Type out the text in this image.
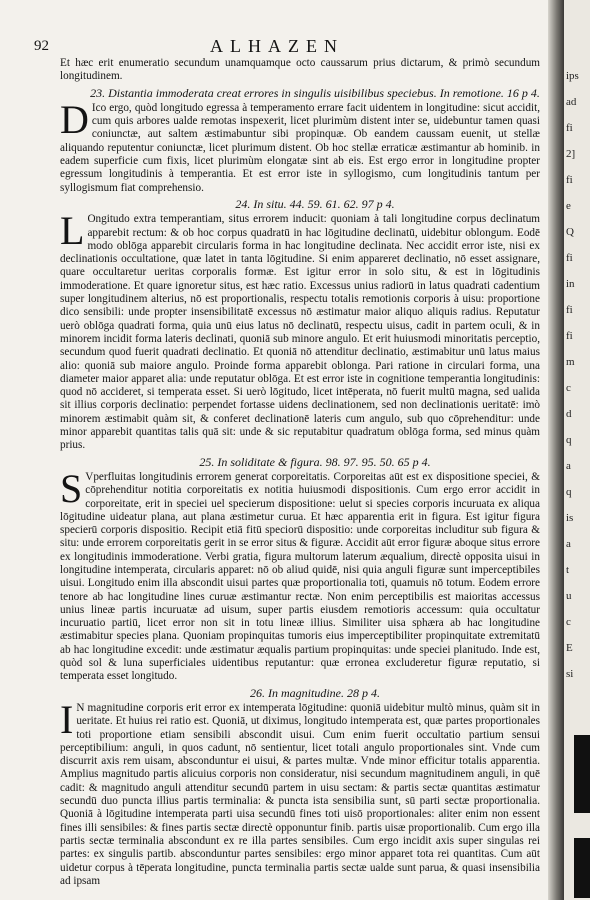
92	ALHAZEN

Et hæc erit enumeratio secundum unamquamque octo caussarum prius dictarum, & primò secundum longitudinem.

23. Distantia immoderata creat errores in singulis uisibilibus speciebus. In remotione. 16 p 4.

D Ico ergo, quòd longitudo egressa à temperamento errare facit uidentem in longitudine: sicut accidit, cum quis arbores ualde remotas inspexerit, licet plurimùm distent inter se, uidebuntur tamen quasi coniunctæ, aut saltem æstimabuntur sibi propinquæ. Ob eandem caussam euenit, ut stellæ aliquando reputentur coniunctæ, licet plurimum distent. Ob hoc stellæ erraticæ æstimantur ab hominib. in eadem superficie cum fixis, licet plurimùm elongatæ sint ab eis. Est ergo error in longitudine propter egressum longitudinis à temperantia. Et est error iste in syllogismo, cum longitudinis tantum per syllogismum fiat comprehensio.

24. In situ. 44. 59. 61. 62. 97 p 4.

L Ongitudo extra temperantiam, situs errorem inducit: quoniam à tali longitudine corpus declinatum apparebit rectum: & ob hoc corpus quadratū in hac lōgitudine declinatū, uidebitur oblongum. Eodē modo oblōga apparebit circularis forma in hac longitudine declinata. Nec accidit error iste, nisi ex declinationis occultatione, quæ latet in tanta lōgitudine. Si enim appareret declinatio, nō esset assignare, quare occultaretur ueritas corporalis formæ. Est igitur error in solo situ, & est in lōgitudinis immoderatione. Et quare ignoretur situs, est hæc ratio. Excessus unius radiorū in latus quadrati cadentium super longitudinem alterius, nō est proportionalis, respectu totalis remotionis corporis à uisu: proportione dico sensibili: unde propter insensibilitatē excessus nō æstimatur maior aliquo aliquis radius. Reputatur uerò oblōga quadrati forma, quia unū eius latus nō declinatū, respectu uisus, cadit in partem oculi, & in minorem incidit forma lateris declinati, quoniā sub minore angulo. Et erit huiusmodi minoritatis perceptio, secundum quod fuerit quadrati declinatio. Et quoniā nō attenditur declinatio, æstimabitur unū latus maius alio: quoniā sub maiore angulo. Proinde forma apparebit oblonga. Pari ratione in circulari forma, una diameter maior apparet alia: unde reputatur oblōga. Et est error iste in cognitione temperantia longitudinis: quod nō accideret, si temperata esset. Si uerò lōgitudo, licet intēperata, nō fuerit multū magna, sed ualida sit illius corporis declinatio: perpendet fortasse uidens declinationem, sed non declinationis ueritatē: imò minorem æstimabit quàm sit, & conferet declinationē lateris cum angulo, sub quo cōprehenditur: unde minor apparebit quantitas talis quā sit: unde & sic reputabitur quadratum oblōga forma, sed minus quàm prius.

25. In soliditate & figura. 98. 97. 95. 50. 65 p 4.

S Vperfluitas longitudinis errorem generat corporeitatis. Corporeitas aūt est ex dispositione speciei, & cōprehenditur notitia corporeitatis ex notitia huiusmodi dispositionis. Cum ergo error accidit in corporeitate, erit in speciei uel specierum dispositione: uelut si species corporis incuruata ex aliqua lōgitudine uideatur plana, aut plana æstimetur curua. Et hæc apparentia erit in figura. Est igitur figura specierū corporis dispositio. Recipit etiā fitū speciorū dispositio: unde corporeitas includitur sub figura & situ: unde errorem corporeitatis gerit in se error situs & figuræ. Accidit aūt error figuræ aboque situs errore ex longitudinis immoderatione. Verbi gratia, figura multorum laterum æqualium, directè opposita uisui in longitudine intemperata, circularis apparet: nō ob aliud quidē, nisi quia anguli figuræ sunt imperceptibiles uisui. Longitudo enim illa abscondit uisui partes quæ proportionalia toti, quamuis nō totum. Eodem errore tenore ab hac longitudine lines curuæ æstimantur rectæ. Non enim perceptibilis est maioritas accessus unius lineæ partis incuruatæ ad uisum, super partis eiusdem remotioris accessum: quia occultatur incuruatio partiū, licet error non sit in totu lineæ illius. Similiter uisa sphæra ab hac longitudine æstimabitur species plana. Quoniam propinquitas tumoris eius imperceptibiliter propinquitate extremitatū ab hac longitudine excedit: unde æstimatur æqualis partium propinquitas: unde speciei planitudo. Inde est, quòd sol & luna superficiales uidentibus reputantur: quæ erronea excluderetur figuræ reputatio, si temperata esset longitudo.

26. In magnitudine. 28 p 4.

I N magnitudine corporis erit error ex intemperata lōgitudine: quoniā uidebitur multò minus, quàm sit in ueritate. Et huius rei ratio est. Quoniā, ut diximus, longitudo intemperata est, quæ partes proportionales toti proportione etiam sensibili abscondit uisui. Cum enim fuerit occultatio partium sensui perceptibilium: anguli, in quos cadunt, nō sentientur, licet totali angulo proportionales sint. Vnde cum discurrit axis rem uisam, absconduntur ei uisui, & partes multæ. Vnde minor efficitur totalis apparentia. Amplius magnitudo partis alicuius corporis non consideratur, nisi secundum magnitudinem anguli, in quē cadit: & magnitudo anguli attenditur secundū partem in uisu sectam: & partis sectæ quantitas æstimatur secundū duo puncta illius partis terminalia: & puncta ista sensibilia sunt, sū parti sectæ proportionalia. Quoniā à lōgitudine intemperata parti uisa secundū fines toti uisō proportionales: aliter enim non essent fines illi sensibiles: & fines partis sectæ directè opponuntur finib. partis uisæ proportionalib. Cum ergo illa partis sectæ terminalia abscondunt ex re illa partes sensibiles. Cum ergo incidit axis super singulas rei partes: ex singulis partib. absconduntur partes sensibiles: ergo minor apparet tota rei quantitas. Cum aūt uidetur corpus à tēperata longitudine, puncta terminalia partis sectæ ualde sunt parua, & quasi insensibilia ad ipsam

ips
ad
fi
2]
fi
e
Q
fi
in
fi
fi
m
c
d
q
a
q
is
a
t
u
c
E
si
